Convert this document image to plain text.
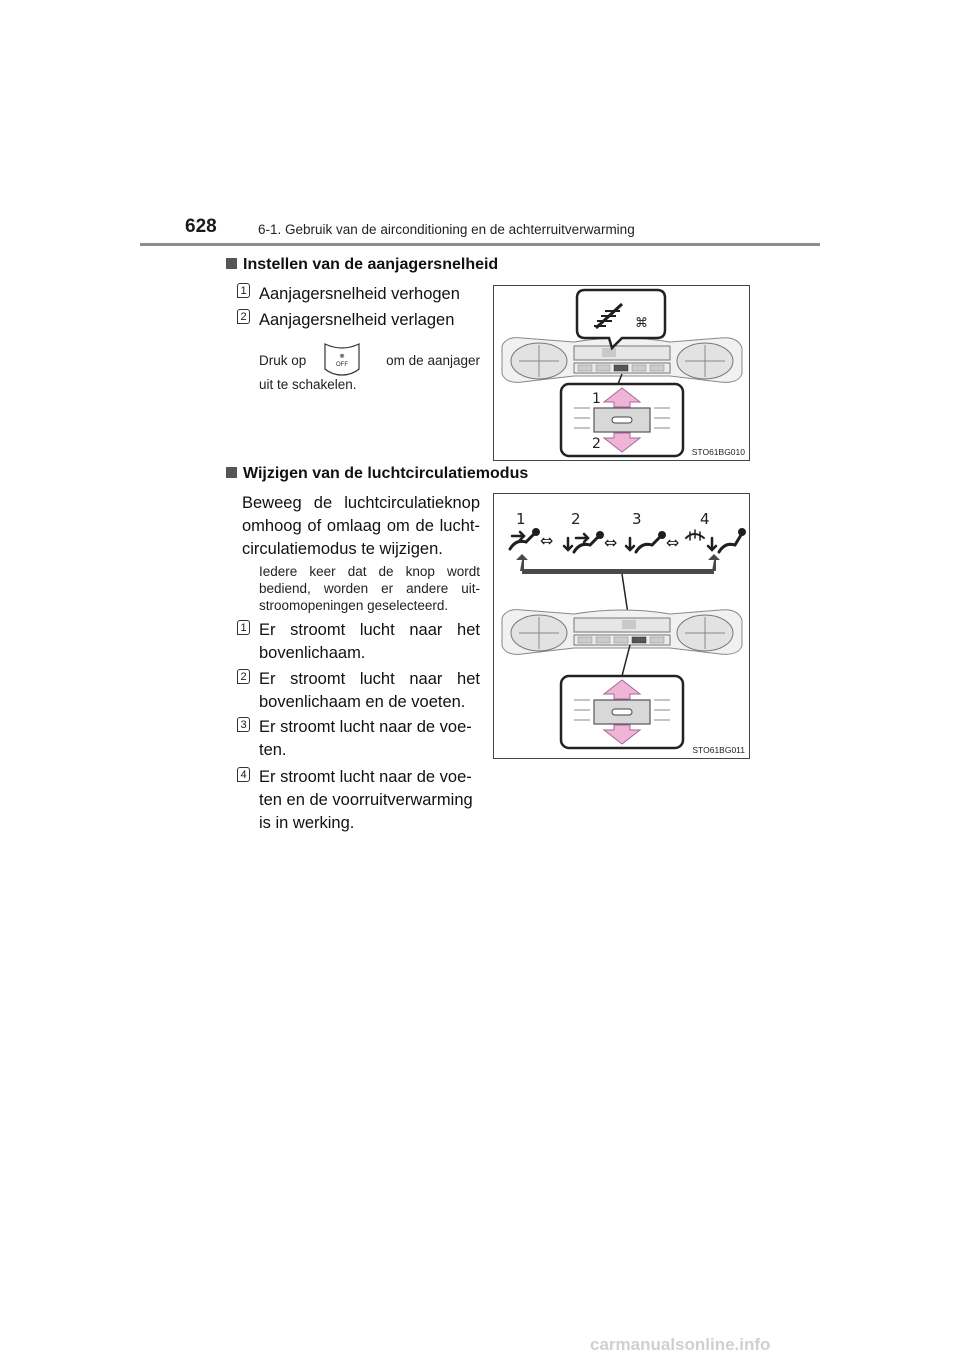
628	6-1. Gebruik van de airconditioning en de achterruitverwarming
Instellen van de aanjagersnelheid
1 Aanjagersnelheid verhogen
2 Aanjagersnelheid verlagen
Druk op	❋
OFF	om de aanjager
uit te schakelen.
⌘
1
2	STO61BG010
Wijzigen van de luchtcirculatiemodus
Beweeg de luchtcirculatieknop omhoog of omlaag om de lucht-circulatiemodus te wijzigen.
Iedere keer dat de knop wordt bediend, worden er andere uit-stroomopeningen geselecteerd.
1 Er stroomt lucht naar het bovenlichaam.
2 Er stroomt lucht naar het bovenlichaam en de voeten.
3 Er stroomt lucht naar de voe-ten.
4 Er stroomt lucht naar de voe-ten en de voorruitverwarming is in werking.
1	2	3	4
⇔	⇔	⇔
STO61BG011
carmanualsonline.info
